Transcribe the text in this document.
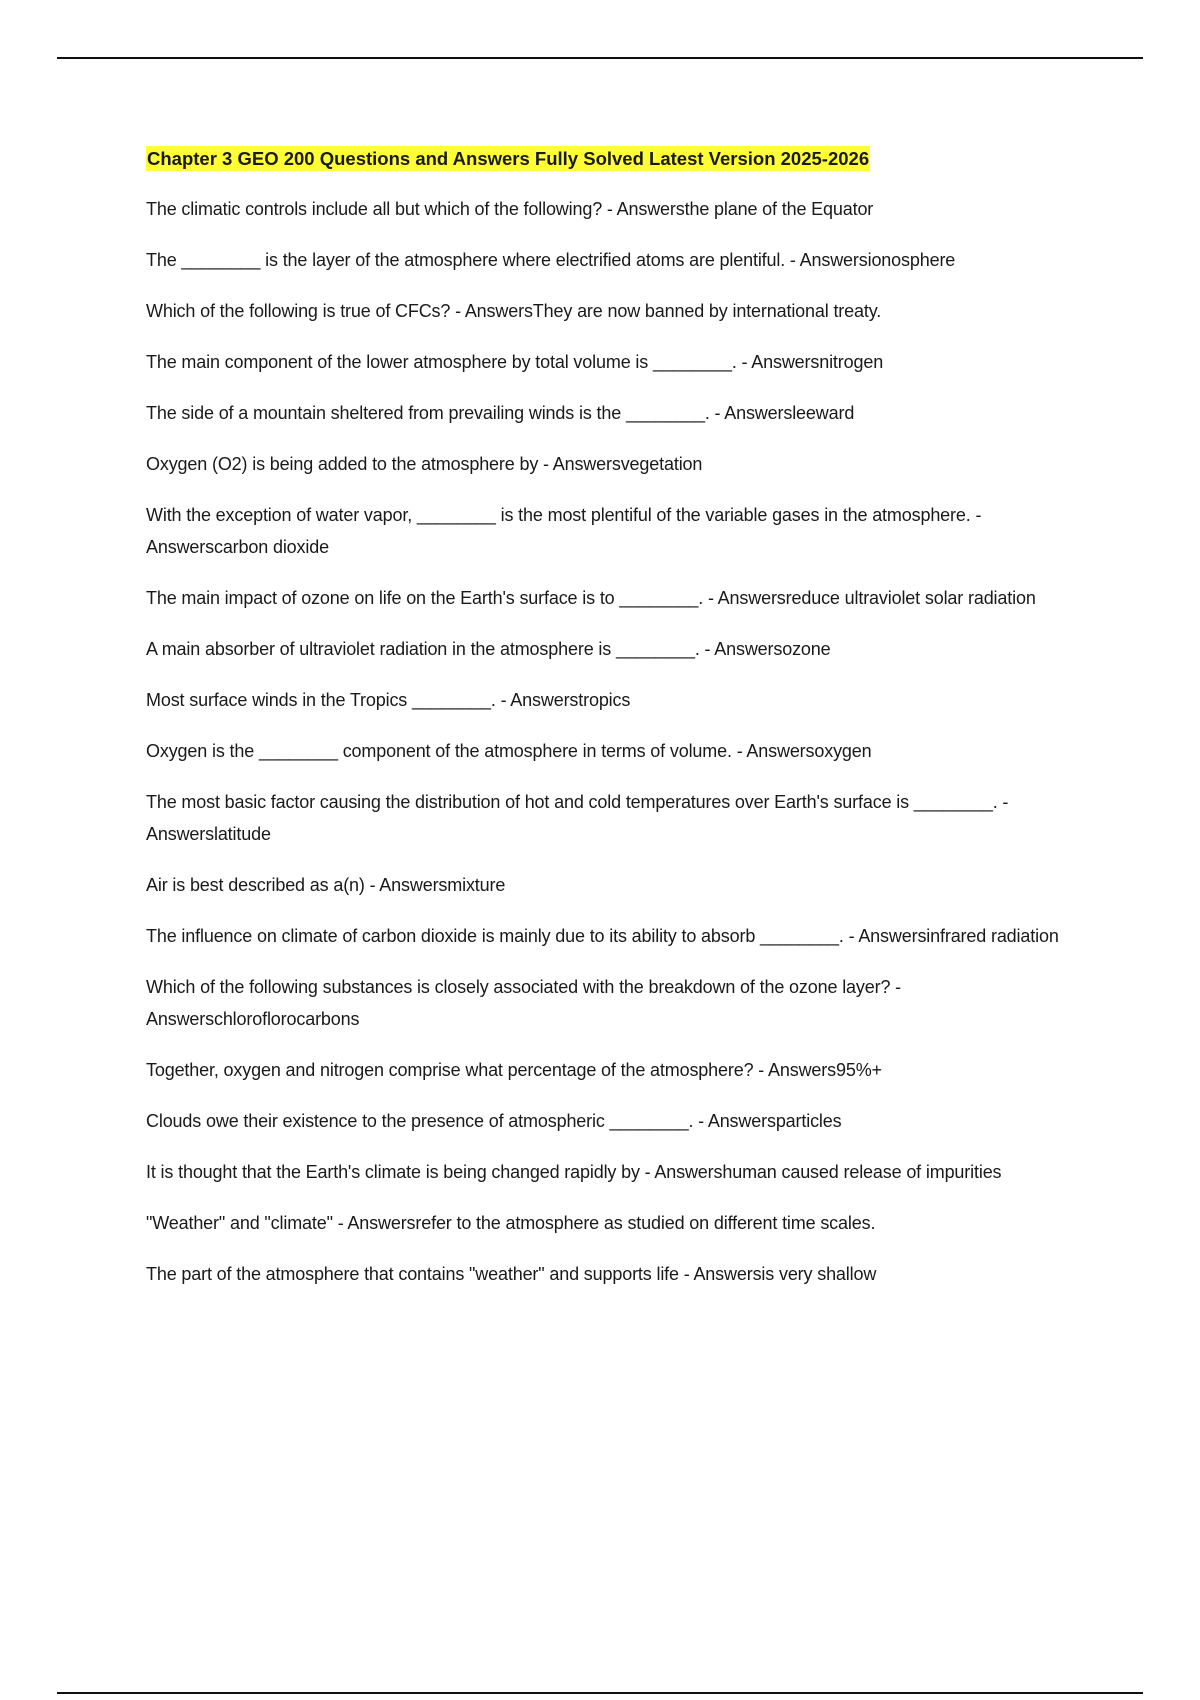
Chapter 3 GEO 200 Questions and Answers Fully Solved Latest Version 2025-2026
The climatic controls include all but which of the following? - Answersthe plane of the Equator
The ________ is the layer of the atmosphere where electrified atoms are plentiful. - Answersionosphere
Which of the following is true of CFCs? - AnswersThey are now banned by international treaty.
The main component of the lower atmosphere by total volume is ________. - Answersnitrogen
The side of a mountain sheltered from prevailing winds is the ________. - Answersleeward
Oxygen (O2) is being added to the atmosphere by - Answersvegetation
With the exception of water vapor, ________ is the most plentiful of the variable gases in the atmosphere. - Answerscarbon dioxide
The main impact of ozone on life on the Earth's surface is to ________. - Answersreduce ultraviolet solar radiation
A main absorber of ultraviolet radiation in the atmosphere is ________. - Answersozone
Most surface winds in the Tropics ________. - Answerstropics
Oxygen is the ________ component of the atmosphere in terms of volume. - Answersoxygen
The most basic factor causing the distribution of hot and cold temperatures over Earth's surface is ________. - Answerslatitude
Air is best described as a(n) - Answersmixture
The influence on climate of carbon dioxide is mainly due to its ability to absorb ________. - Answersinfrared radiation
Which of the following substances is closely associated with the breakdown of the ozone layer? - Answerschloroflorocarbons
Together, oxygen and nitrogen comprise what percentage of the atmosphere? - Answers95%+
Clouds owe their existence to the presence of atmospheric ________. - Answersparticles
It is thought that the Earth's climate is being changed rapidly by - Answershuman caused release of impurities
"Weather" and "climate" - Answersrefer to the atmosphere as studied on different time scales.
The part of the atmosphere that contains "weather" and supports life - Answersis very shallow
